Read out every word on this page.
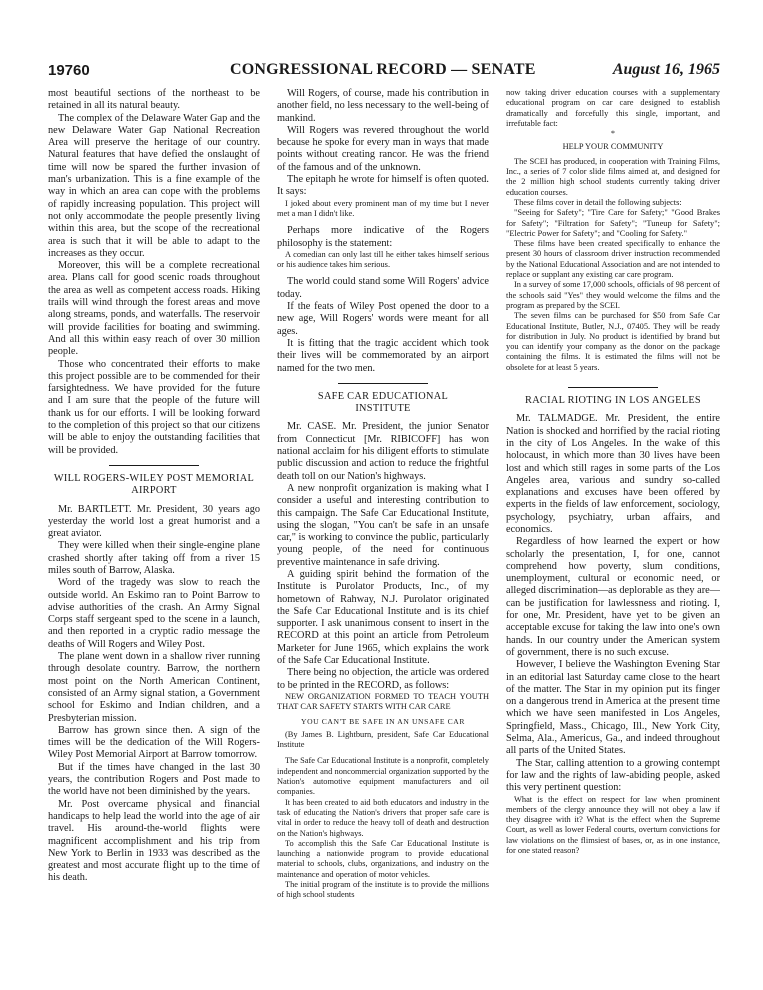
19760	CONGRESSIONAL RECORD — SENATE	August 16, 1965

most beautiful sections of the northeast to be retained in all its natural beauty.

The complex of the Delaware Water Gap and the new Delaware Water Gap National Recreation Area will preserve the heritage of our country. Natural features that have defied the onslaught of time will now be spared the further invasion of man's urbanization. This is a fine example of the way in which an area can cope with the problems of rapidly increasing population. This project will not only accommodate the people presently living within this area, but the scope of the recreational area is such that it will be able to adapt to the increases as they occur.

Moreover, this will be a complete recreational area. Plans call for good scenic roads throughout the area as well as competent access roads. Hiking trails will wind through the forest areas and move along streams, ponds, and waterfalls. The reservoir will provide facilities for boating and swimming. And all this within easy reach of over 30 million people.

Those who concentrated their efforts to make this project possible are to be commended for their farsightedness. We have provided for the future and I am sure that the people of the future will thank us for our efforts. I will be looking forward to the completion of this project so that our citizens will be able to enjoy the outstanding facilities that will be provided.

WILL ROGERS-WILEY POST MEMORIAL AIRPORT

Mr. BARTLETT. Mr. President, 30 years ago yesterday the world lost a great humorist and a great aviator.

They were killed when their single-engine plane crashed shortly after taking off from a river 15 miles south of Barrow, Alaska.

Word of the tragedy was slow to reach the outside world. An Eskimo ran to Point Barrow to advise authorities of the crash. An Army Signal Corps staff sergeant sped to the scene in a launch, and then reported in a cryptic radio message the deaths of Will Rogers and Wiley Post.

The plane went down in a shallow river running through desolate country. Barrow, the northern most point on the North American Continent, consisted of an Army signal station, a Government school for Eskimo and Indian children, and a Presbyterian mission.

Barrow has grown since then. A sign of the times will be the dedication of the Will Rogers-Wiley Post Memorial Airport at Barrow tomorrow.

But if the times have changed in the last 30 years, the contribution Rogers and Post made to the world have not been diminished by the years.

Mr. Post overcame physical and financial handicaps to help lead the world into the age of air travel. His around-the-world flights were magnificent accomplishment and his trip from New York to Berlin in 1933 was described as the greatest and most accurate flight up to the time of his death.

Will Rogers, of course, made his contribution in another field, no less necessary to the well-being of mankind.

Will Rogers was revered throughout the world because he spoke for every man in ways that made points without creating rancor. He was the friend of the famous and of the unknown.

The epitaph he wrote for himself is often quoted. It says:

I joked about every prominent man of my time but I never met a man I didn't like.

Perhaps more indicative of the Rogers philosophy is the statement:

A comedian can only last till he either takes himself serious or his audience takes him serious.

The world could stand some Will Rogers' advice today.

If the feats of Wiley Post opened the door to a new age, Will Rogers' words were meant for all ages.

It is fitting that the tragic accident which took their lives will be commemorated by an airport named for the two men.

SAFE CAR EDUCATIONAL INSTITUTE

Mr. CASE. Mr. President, the junior Senator from Connecticut [Mr. RIBICOFF] has won national acclaim for his diligent efforts to stimulate public discussion and action to reduce the frightful death toll on our Nation's highways.

A new nonprofit organization is making what I consider a useful and interesting contribution to this campaign. The Safe Car Educational Institute, using the slogan, "You can't be safe in an unsafe car," is working to convince the public, particularly young people, of the need for continuous preventive maintenance in safe driving.

A guiding spirit behind the formation of the Institute is Purolator Products, Inc., of my hometown of Rahway, N.J. Purolator originated the Safe Car Educational Institute and is its chief supporter. I ask unanimous consent to insert in the RECORD at this point an article from Petroleum Marketer for June 1965, which explains the work of the Safe Car Educational Institute.

There being no objection, the article was ordered to be printed in the RECORD, as follows:

NEW ORGANIZATION FORMED TO TEACH YOUTH THAT CAR SAFETY STARTS WITH CAR CARE

YOU CAN'T BE SAFE IN AN UNSAFE CAR

(By James B. Lightburn, president, Safe Car Educational Institute

The Safe Car Educational Institute is a nonprofit, completely independent and noncommercial organization supported by the Nation's automotive equipment manufacturers and oil companies.

It has been created to aid both educators and industry in the task of educating the Nation's drivers that proper safe care is vital in order to reduce the heavy toll of death and destruction on the Nation's highways.

To accomplish this the Safe Car Educational Institute is launching a nationwide program to provide educational material to schools, clubs, organizations, and industry on the maintenance and operation of motor vehicles.

The initial program of the institute is to provide the millions of high school students

now taking driver education courses with a supplementary educational program on car care designed to establish dramatically and forcefully this single, important, and irrefutable fact:

*
HELP YOUR COMMUNITY

The SCEI has produced, in cooperation with Training Films, Inc., a series of 7 color slide films aimed at, and designed for the 2 million high school students currently taking driver education courses.

These films cover in detail the following subjects:

"Seeing for Safety"; "Tire Care for Safety;" "Good Brakes for Safety"; "Filtration for Safety"; "Tuneup for Safety"; "Electric Power for Safety"; and "Cooling for Safety."

These films have been created specifically to enhance the present 30 hours of classroom driver instruction recommended by the National Educational Association and are not intended to replace or supplant any existing car care program.

In a survey of some 17,000 schools, officials of 98 percent of the schools said "Yes" they would welcome the films and the program as prepared by the SCEI.

The seven films can be purchased for $50 from Safe Car Educational Institute, Butler, N.J., 07405. They will be ready for distribution in July. No product is identified by brand but you can identify your company as the donor on the package containing the films. It is estimated the films will not be obsolete for at least 5 years.

RACIAL RIOTING IN LOS ANGELES

Mr. TALMADGE. Mr. President, the entire Nation is shocked and horrified by the racial rioting in the city of Los Angeles. In the wake of this holocaust, in which more than 30 lives have been lost and which still rages in some parts of the Los Angeles area, various and sundry so-called explanations and excuses have been offered by experts in the fields of law enforcement, sociology, psychology, psychiatry, urban affairs, and economics.

Regardless of how learned the expert or how scholarly the presentation, I, for one, cannot comprehend how poverty, slum conditions, unemployment, cultural or economic need, or alleged discrimination—as deplorable as they are—can be justification for lawlessness and rioting. I, for one, Mr. President, have yet to be given an acceptable excuse for taking the law into one's own hands. In our country under the American system of government, there is no such excuse.

However, I believe the Washington Evening Star in an editorial last Saturday came close to the heart of the matter. The Star in my opinion put its finger on a dangerous trend in America at the present time which we have seen manifested in Los Angeles, Springfield, Mass., Chicago, Ill., New York City, Selma, Ala., Americus, Ga., and indeed throughout all parts of the United States.

The Star, calling attention to a growing contempt for law and the rights of law-abiding people, asked this very pertinent question:

What is the effect on respect for law when prominent members of the clergy announce they will not obey a law if they disagree with it? What is the effect when the Supreme Court, as well as lower Federal courts, overturn convictions for law violations on the flimsiest of bases, or, as in one instance, for one stated reason?
